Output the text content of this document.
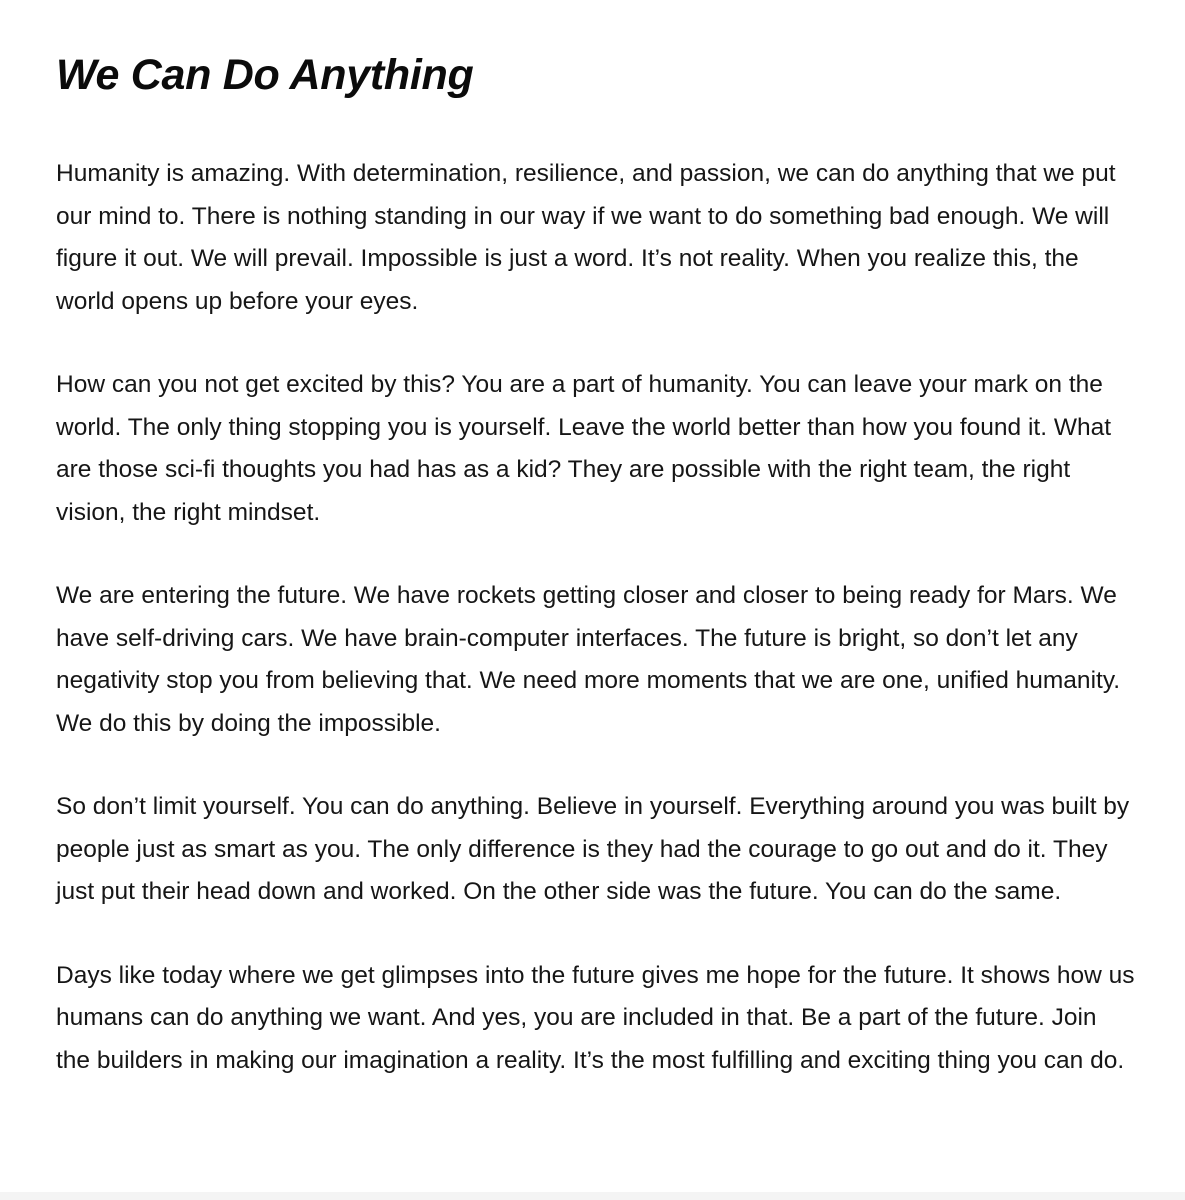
We Can Do Anything

Humanity is amazing. With determination, resilience, and passion, we can do anything that we put our mind to. There is nothing standing in our way if we want to do something bad enough. We will figure it out. We will prevail. Impossible is just a word. It’s not reality. When you realize this, the world opens up before your eyes.

How can you not get excited by this? You are a part of humanity. You can leave your mark on the world. The only thing stopping you is yourself. Leave the world better than how you found it. What are those sci-fi thoughts you had has as a kid? They are possible with the right team, the right vision, the right mindset.

We are entering the future. We have rockets getting closer and closer to being ready for Mars. We have self-driving cars. We have brain-computer interfaces. The future is bright, so don’t let any negativity stop you from believing that. We need more moments that we are one, unified humanity. We do this by doing the impossible.

So don’t limit yourself. You can do anything. Believe in yourself. Everything around you was built by people just as smart as you. The only difference is they had the courage to go out and do it. They just put their head down and worked. On the other side was the future. You can do the same.

Days like today where we get glimpses into the future gives me hope for the future. It shows how us humans can do anything we want. And yes, you are included in that. Be a part of the future. Join the builders in making our imagination a reality. It’s the most fulfilling and exciting thing you can do.
